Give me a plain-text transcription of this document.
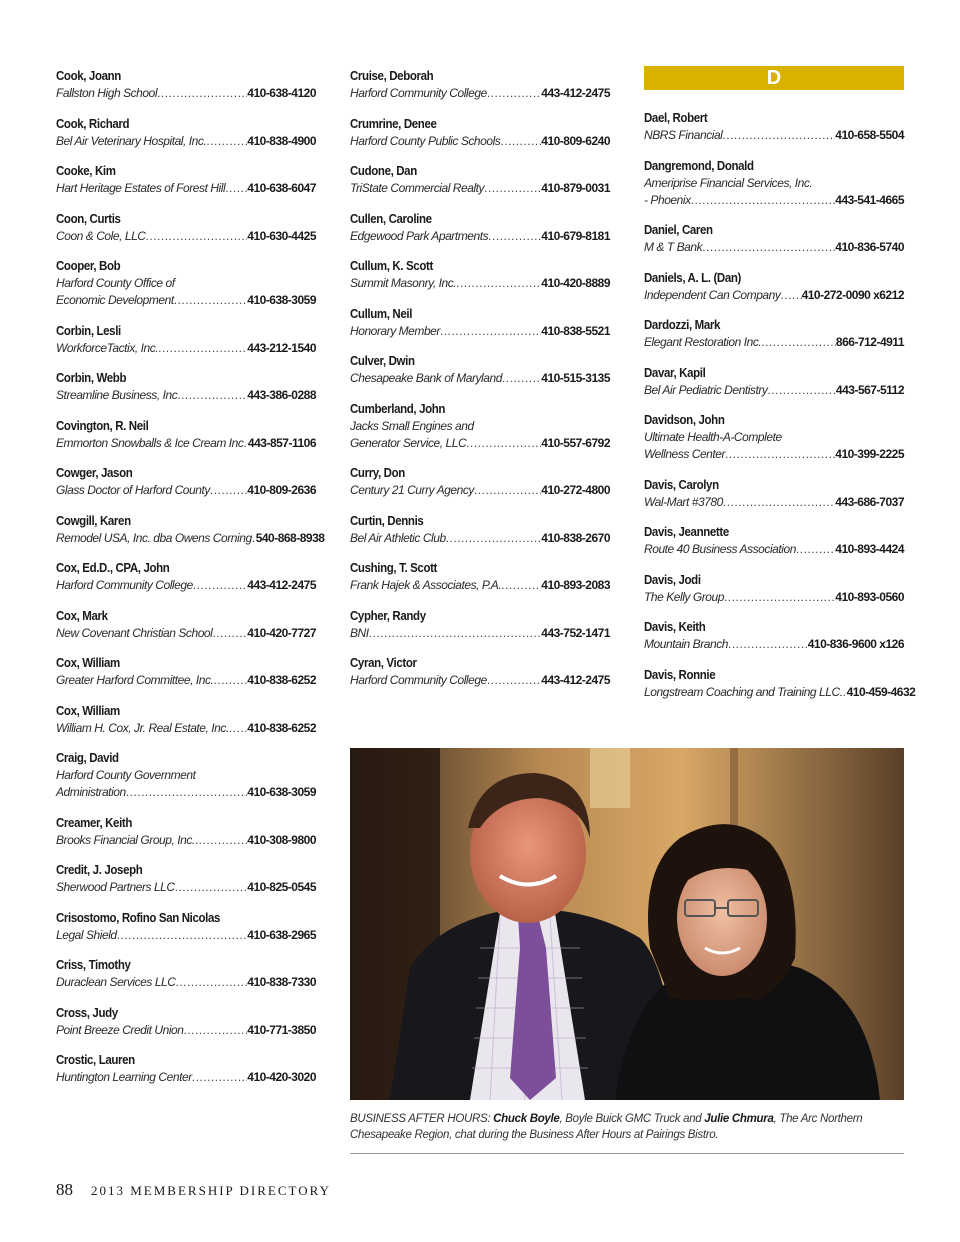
Cook, Joann
Fallston High School .....	410-638-4120
Cook, Richard
Bel Air Veterinary Hospital, Inc. .....	410-838-4900
Cooke, Kim
Hart Heritage Estates of Forest Hill ..... 410-638-6047
Coon, Curtis
Coon & Cole, LLC .....	410-630-4425
Cooper, Bob
Harford County Office of
Economic Development .....	410-638-3059
Corbin, Lesli
WorkforceTactix, Inc. .....	443-212-1540
Corbin, Webb
Streamline Business, Inc .....	443-386-0288
Covington, R. Neil
Emmorton Snowballs & Ice Cream Inc ..... 443-857-1106
Cowger, Jason
Glass Doctor of Harford County .....	410-809-2636
Cowgill, Karen
Remodel USA, Inc. dba Owens Corning ..... 540-868-8938
Cox, Ed.D., CPA, John
Harford Community College .....	443-412-2475
Cox, Mark
New Covenant Christian School .....	410-420-7727
Cox, William
Greater Harford Committee, Inc. .....	410-838-6252
Cox, William
William H. Cox, Jr. Real Estate, Inc. ..... 410-838-6252
Craig, David
Harford County Government
Administration .....	410-638-3059
Creamer, Keith
Brooks Financial Group, Inc. .....	410-308-9800
Credit, J. Joseph
Sherwood Partners LLC .....	410-825-0545
Crisostomo, Rofino San Nicolas
Legal Shield .....	410-638-2965
Criss, Timothy
Duraclean Services LLC .....	410-838-7330
Cross, Judy
Point Breeze Credit Union .....	410-771-3850
Crostic, Lauren
Huntington Learning Center .....	410-420-3020
Cruise, Deborah
Harford Community College .....	443-412-2475
Crumrine, Denee
Harford County Public Schools .....	410-809-6240
Cudone, Dan
TriState Commercial Realty .....	410-879-0031
Cullen, Caroline
Edgewood Park Apartments .....	410-679-8181
Cullum, K. Scott
Summit Masonry, Inc. .....	410-420-8889
Cullum, Neil
Honorary Member .....	410-838-5521
Culver, Dwin
Chesapeake Bank of Maryland .....	410-515-3135
Cumberland, John
Jacks Small Engines and
Generator Service, LLC .....	410-557-6792
Curry, Don
Century 21 Curry Agency .....	410-272-4800
Curtin, Dennis
Bel Air Athletic Club .....	410-838-2670
Cushing, T. Scott
Frank Hajek & Associates, P.A. .....	410-893-2083
Cypher, Randy
BNI .....	443-752-1471
Cyran, Victor
Harford Community College .....	443-412-2475
D
Dael, Robert
NBRS Financial .....	410-658-5504
Dangremond, Donald
Ameriprise Financial Services, Inc.
- Phoenix .....	443-541-4665
Daniel, Caren
M & T Bank .....	410-836-5740
Daniels, A. L. (Dan)
Independent Can Company ..... 410-272-0090 x6212
Dardozzi, Mark
Elegant Restoration Inc. .....	866-712-4911
Davar, Kapil
Bel Air Pediatric Dentistry .....	443-567-5112
Davidson, John
Ultimate Health-A-Complete
Wellness Center .....	410-399-2225
Davis, Carolyn
Wal-Mart #3780 .....	443-686-7037
Davis, Jeannette
Route 40 Business Association .....	410-893-4424
Davis, Jodi
The Kelly Group .....	410-893-0560
Davis, Keith
Mountain Branch .....	410-836-9600 x126
Davis, Ronnie
Longstream Coaching and Training LLC. ..... 410-459-4632
BUSINESS AFTER HOURS: Chuck Boyle, Boyle Buick GMC Truck and Julie Chmura, The Arc Northern Chesapeake Region, chat during the Business After Hours at Pairings Bistro.
88 2013 MEMBERSHIP DIRECTORY
